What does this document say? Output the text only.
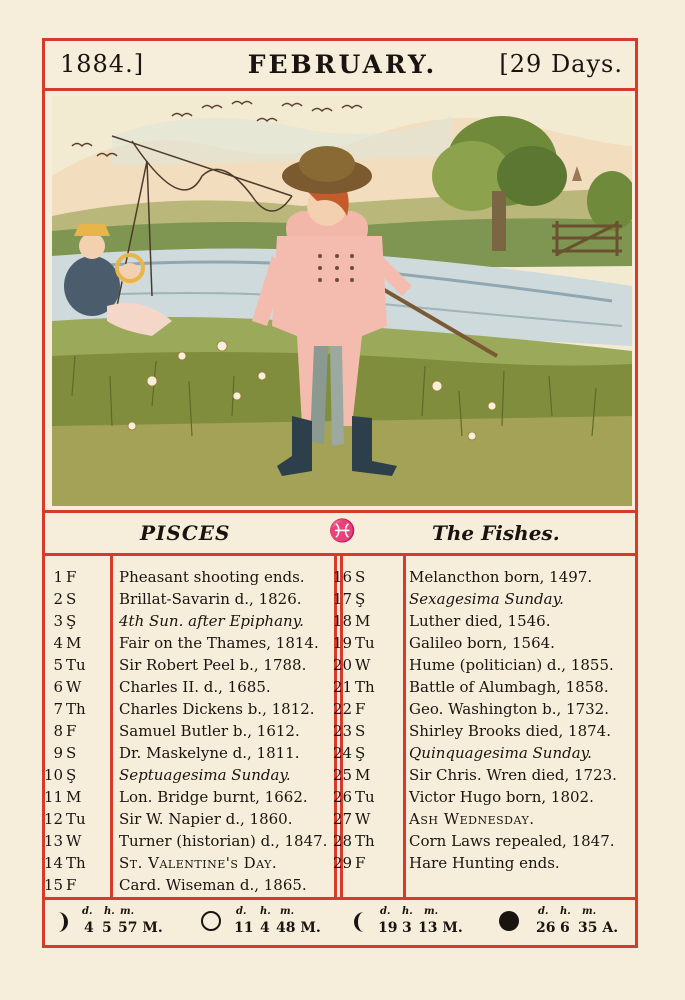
1884.]	FEBRUARY.	[29 Days.
PISCES	♓	The Fishes.
1 F	Pheasant shooting ends.
2 S	Brillat-Savarin d., 1826.
3 Ş	4th Sun. after Epiphany.
4 M	Fair on the Thames, 1814.
5 Tu Sir Robert Peel b., 1788.
6 W	Charles II. d., 1685.
7 Th Charles Dickens b., 1812.
8 F	Samuel Butler b., 1612.
9 S	Dr. Maskelyne d., 1811.
10 Ş	Septuagesima Sunday.
11 M	Lon. Bridge burnt, 1662.
12 Tu Sir W. Napier d., 1860.
13 W	Turner (historian) d., 1847.
14 Th St. Valentine's Day.
15 F	Card. Wiseman d., 1865.
16 S	Melancthon born, 1497.
17 Ş	Sexagesima Sunday.
18 M	Luther died, 1546.
19 Tu Galileo born, 1564.
20 W	Hume (politician) d., 1855.
21 Th Battle of Alumbagh, 1858.
22 F	Geo. Washington b., 1732.
23 S	Shirley Brooks died, 1874.
24 Ş	Quinquagesima Sunday.
25 M	Sir Chris. Wren died, 1723.
26 Tu Victor Hugo born, 1802.
27 W	Ash Wednesday.
28 Th Corn Laws repealed, 1847.
29 F	Hare Hunting ends.
d. h. m.
4 5 57 M.
d. h. m.
11 4 48 M.
d. h. m.
19 3 13 M.
d. h. m.
26 6 35 A.
